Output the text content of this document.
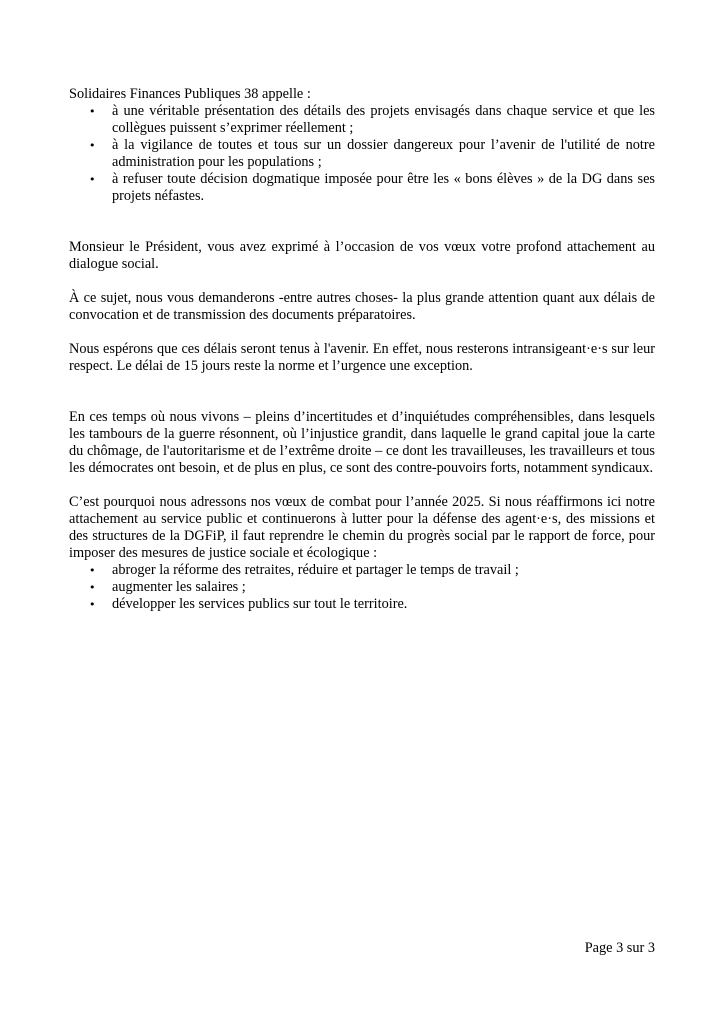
Solidaires Finances Publiques 38 appelle :

• à une véritable présentation des détails des projets envisagés dans chaque service et que les collègues puissent s’exprimer réellement ;
• à la vigilance de toutes et tous sur un dossier dangereux pour l’avenir de l'utilité de notre administration pour les populations ;
• à refuser toute décision dogmatique imposée pour être les « bons élèves » de la DG dans ses projets néfastes.

Monsieur le Président, vous avez exprimé à l’occasion de vos vœux votre profond attachement au dialogue social.

À ce sujet, nous vous demanderons -entre autres choses- la plus grande attention quant aux délais de convocation et de transmission des documents préparatoires.

Nous espérons que ces délais seront tenus à l'avenir. En effet, nous resterons intransigeant·e·s sur leur respect. Le délai de 15 jours reste la norme et l’urgence une exception.

En ces temps où nous vivons – pleins d’incertitudes et d’inquiétudes compréhensibles, dans lesquels les tambours de la guerre résonnent, où l’injustice grandit, dans laquelle le grand capital joue la carte du chômage, de l'autoritarisme et de l’extrême droite – ce dont les travailleuses, les travailleurs et tous les démocrates ont besoin, et de plus en plus, ce sont des contre-pouvoirs forts, notamment syndicaux.

C’est pourquoi nous adressons nos vœux de combat pour l’année 2025. Si nous réaffirmons ici notre attachement au service public et continuerons à lutter pour la défense des agent·e·s, des missions et des structures de la DGFiP, il faut reprendre le chemin du progrès social par le rapport de force, pour imposer des mesures de justice sociale et écologique :

• abroger la réforme des retraites, réduire et partager le temps de travail ;
• augmenter les salaires ;
• développer les services publics sur tout le territoire.
Page 3 sur 3
